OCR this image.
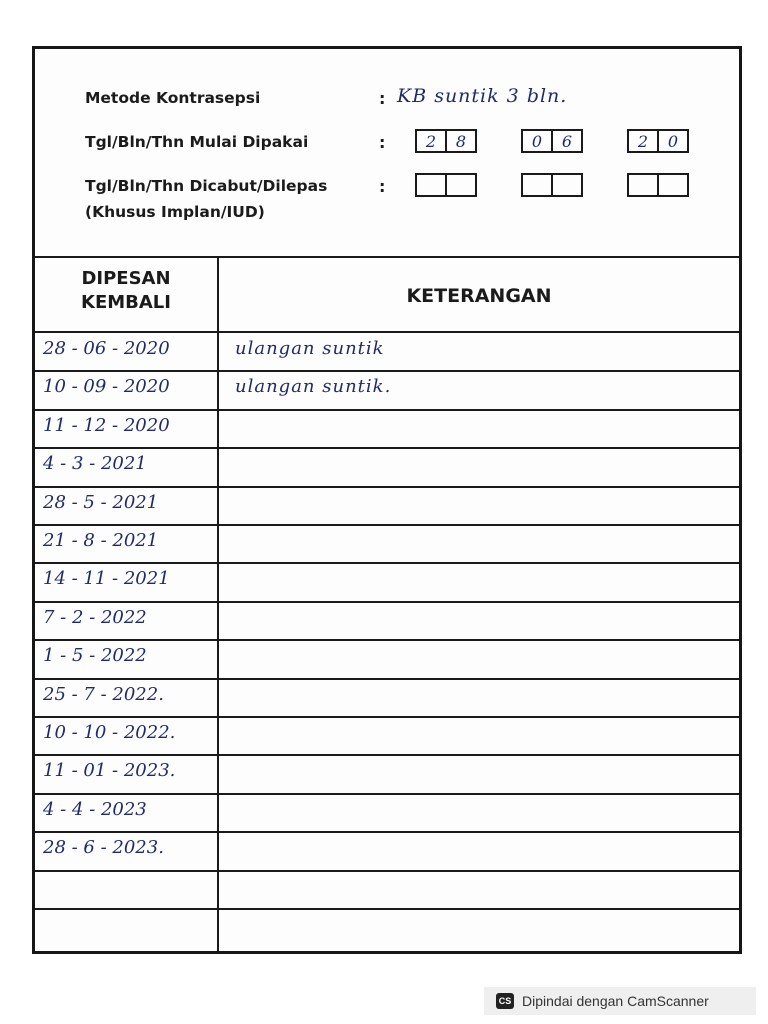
Metode Kontrasepsi	: KB suntik 3 bln.
Tgl/Bln/Thn Mulai Dipakai	:	2	8	0	6	2	0
Tgl/Bln/Thn Dicabut/Dilepas	:
(Khusus Implan/IUD)
DIPESAN
KEMBALI	KETERANGAN
28 - 06 - 2020	ulangan suntik
10 - 09 - 2020	ulangan suntik.
11 - 12 - 2020
4 - 3 - 2021
28 - 5 - 2021
21 - 8 - 2021
14 - 11 - 2021
7 - 2 - 2022
1 - 5 - 2022
25 - 7 - 2022.
10 - 10 - 2022.
11 - 01 - 2023.
4 - 4 - 2023
28 - 6 - 2023.
CS Dipindai dengan CamScanner
